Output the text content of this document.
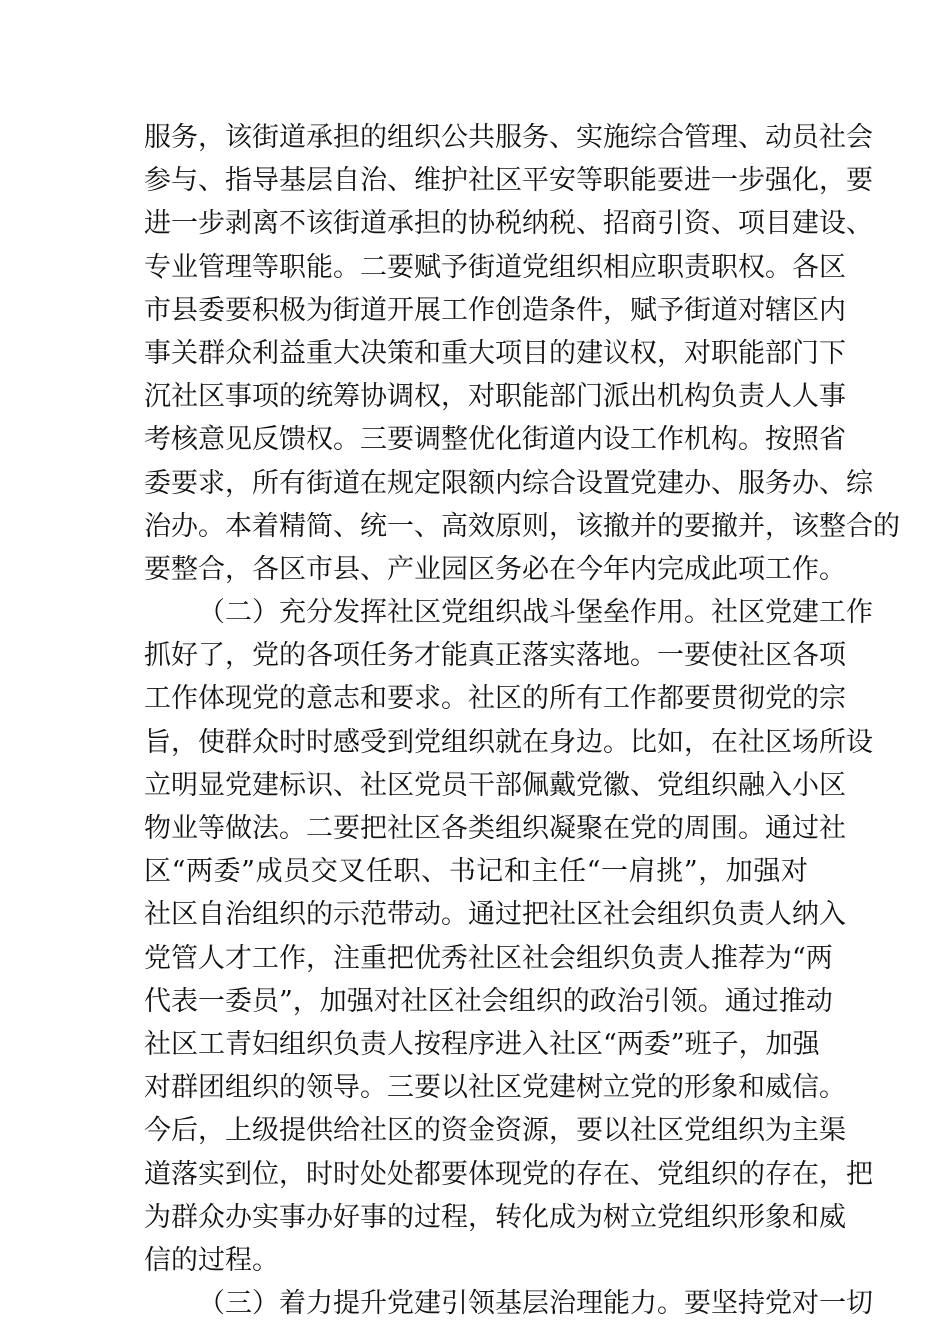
服务，该街道承担的组织公共服务、实施综合管理、动员社会
参与、指导基层自治、维护社区平安等职能要进一步强化，要
进一步剥离不该街道承担的协税纳税、招商引资、项目建设、
专业管理等职能。二要赋予街道党组织相应职责职权。各区
市县委要积极为街道开展工作创造条件，赋予街道对辖区内
事关群众利益重大决策和重大项目的建议权，对职能部门下
沉社区事项的统筹协调权，对职能部门派出机构负责人人事
考核意见反馈权。三要调整优化街道内设工作机构。按照省
委要求，所有街道在规定限额内综合设置党建办、服务办、综
治办。本着精简、统一、高效原则，该撤并的要撤并，该整合的
要整合，各区市县、产业园区务必在今年内完成此项工作。
（二）充分发挥社区党组织战斗堡垒作用。社区党建工作
抓好了，党的各项任务才能真正落实落地。一要使社区各项
工作体现党的意志和要求。社区的所有工作都要贯彻党的宗
旨，使群众时时感受到党组织就在身边。比如，在社区场所设
立明显党建标识、社区党员干部佩戴党徽、党组织融入小区
物业等做法。二要把社区各类组织凝聚在党的周围。通过社
区“两委”成员交叉任职、书记和主任“一肩挑”，加强对
社区自治组织的示范带动。通过把社区社会组织负责人纳入
党管人才工作，注重把优秀社区社会组织负责人推荐为“两
代表一委员”，加强对社区社会组织的政治引领。通过推动
社区工青妇组织负责人按程序进入社区“两委”班子，加强
对群团组织的领导。三要以社区党建树立党的形象和威信。
今后，上级提供给社区的资金资源，要以社区党组织为主渠
道落实到位，时时处处都要体现党的存在、党组织的存在，把
为群众办实事办好事的过程，转化成为树立党组织形象和威
信的过程。
（三）着力提升党建引领基层治理能力。要坚持党对一切
